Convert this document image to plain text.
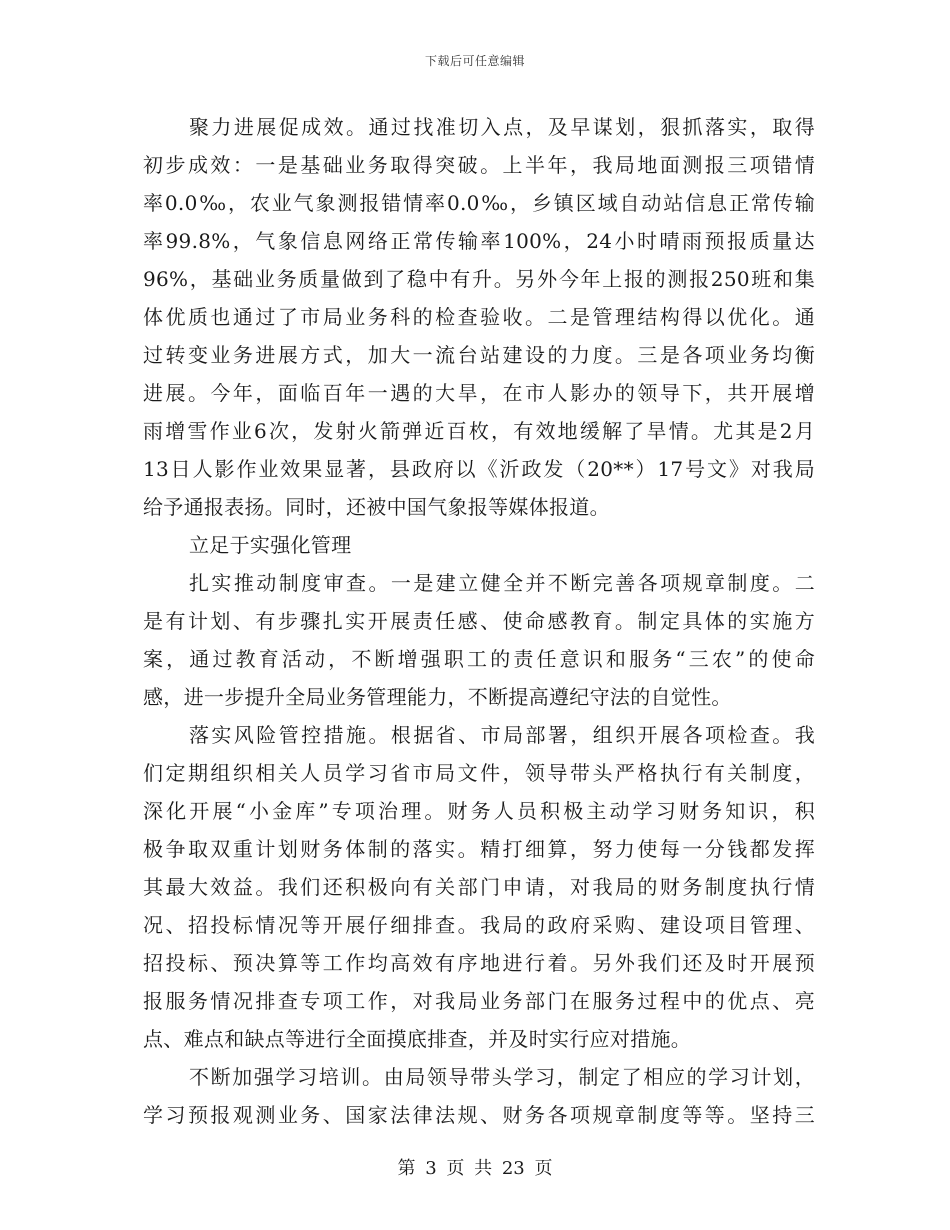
下载后可任意编辑
聚力进展促成效。通过找准切入点，及早谋划，狠抓落实，取得
初步成效：一是基础业务取得突破。上半年，我局地面测报三项错情
率0.0‰，农业气象测报错情率0.0‰，乡镇区域自动站信息正常传输
率99.8%，气象信息网络正常传输率100%，24小时晴雨预报质量达
96%，基础业务质量做到了稳中有升。另外今年上报的测报250班和集
体优质也通过了市局业务科的检查验收。二是管理结构得以优化。通
过转变业务进展方式，加大一流台站建设的力度。三是各项业务均衡
进展。今年，面临百年一遇的大旱，在市人影办的领导下，共开展增
雨增雪作业6次，发射火箭弹近百枚，有效地缓解了旱情。尤其是2月
13日人影作业效果显著，县政府以《沂政发（20**）17号文》对我局
给予通报表扬。同时，还被中国气象报等媒体报道。
立足于实强化管理
扎实推动制度审查。一是建立健全并不断完善各项规章制度。二
是有计划、有步骤扎实开展责任感、使命感教育。制定具体的实施方
案，通过教育活动，不断增强职工的责任意识和服务“三农”的使命
感，进一步提升全局业务管理能力，不断提高遵纪守法的自觉性。
落实风险管控措施。根据省、市局部署，组织开展各项检查。我
们定期组织相关人员学习省市局文件，领导带头严格执行有关制度，
深化开展“小金库”专项治理。财务人员积极主动学习财务知识，积
极争取双重计划财务体制的落实。精打细算，努力使每一分钱都发挥
其最大效益。我们还积极向有关部门申请，对我局的财务制度执行情
况、招投标情况等开展仔细排查。我局的政府采购、建设项目管理、
招投标、预决算等工作均高效有序地进行着。另外我们还及时开展预
报服务情况排查专项工作，对我局业务部门在服务过程中的优点、亮
点、难点和缺点等进行全面摸底排查，并及时实行应对措施。
不断加强学习培训。由局领导带头学习，制定了相应的学习计划，
学习预报观测业务、国家法律法规、财务各项规章制度等等。坚持三
第 3 页 共 23 页
